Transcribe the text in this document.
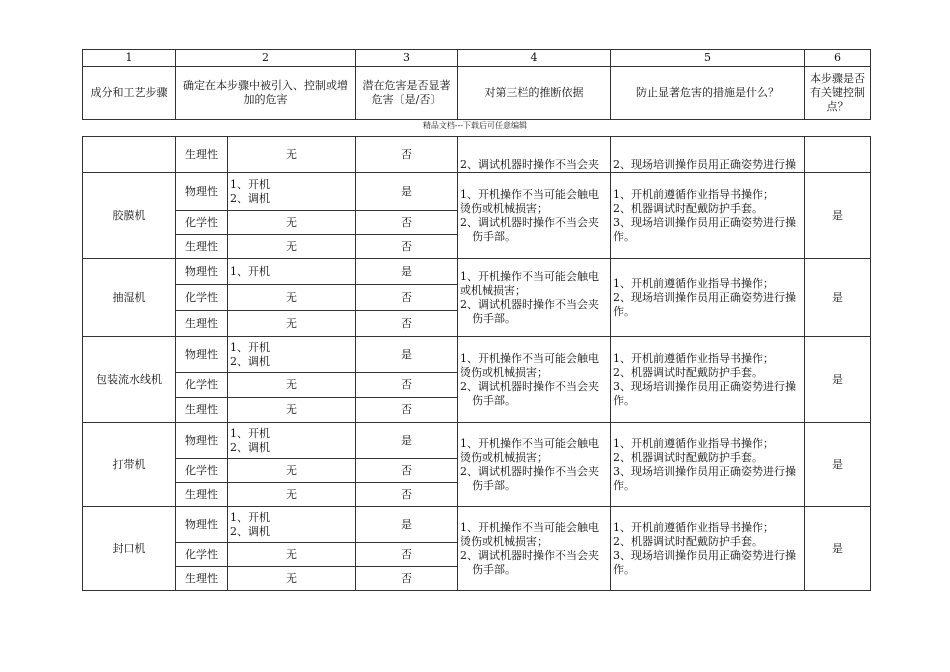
1	2	3	4	5	6
成分和工艺步骤	确定在本步骤中被引入、控制或增加的危害	潜在危害是否显著危害〔是/否〕	对第三栏的推断依据	防止显著危害的措施是什么？	本步骤是否有关键控制点？
精品文档---下载后可任意编辑
	生理性	无	否	2、调试机器时操作不当会夹	2、现场培训操作员用正确姿势进行操	

胶膜机	物理性	1、开机
2、调机	是	1、开机操作不当可能会触电
烫伤或机械损害；
2、调试机器时操作不当会夹
伤手部。	1、开机前遵循作业指导书操作；
2、机器调试时配戴防护手套。
3、现场培训操作员用正确姿势进行操作。	是
	化学性	无	否			
	生理性	无	否			
抽湿机	物理性	1、开机	是	1、开机操作不当可能会触电
或机械损害；
2、调试机器时操作不当会夹
伤手部。	1、开机前遵循作业指导书操作；
2、现场培训操作员用正确姿势进行操作。	是
	化学性	无	否			
	生理性	无	否			
包装流水线机	物理性	1、开机
2、调机	是	1、开机操作不当可能会触电
烫伤或机械损害；
2、调试机器时操作不当会夹
伤手部。	1、开机前遵循作业指导书操作；
2、机器调试时配戴防护手套。
3、现场培训操作员用正确姿势进行操作。	是
	化学性	无	否			
	生理性	无	否			
打带机	物理性	1、开机
2、调机	是	1、开机操作不当可能会触电
烫伤或机械损害；
2、调试机器时操作不当会夹
伤手部。	1、开机前遵循作业指导书操作；
2、机器调试时配戴防护手套。
3、现场培训操作员用正确姿势进行操作。	是
	化学性	无	否			
	生理性	无	否			
封口机	物理性	1、开机
2、调机	是	1、开机操作不当可能会触电
烫伤或机械损害；
2、调试机器时操作不当会夹
伤手部。	1、开机前遵循作业指导书操作；
2、机器调试时配戴防护手套。
3、现场培训操作员用正确姿势进行操作。	是
	化学性	无	否			
	生理性	无	否			
